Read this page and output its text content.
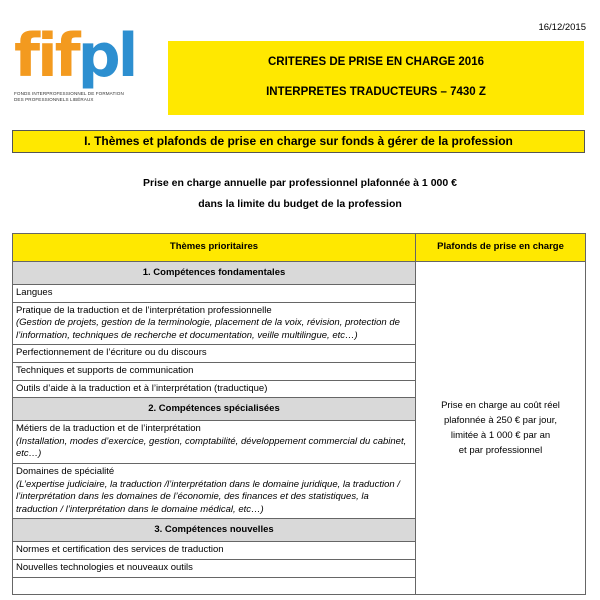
16/12/2015
fifpl
FONDS INTERPROFESSIONNEL DE FORMATION
DES PROFESSIONNELS LIBÉRAUX
CRITERES DE PRISE EN CHARGE 2016
INTERPRETES TRADUCTEURS – 7430 Z
I. Thèmes et plafonds de prise en charge sur fonds à gérer de la profession
Prise en charge annuelle par professionnel plafonnée à 1 000 €
dans la limite du budget de la profession
Thèmes prioritaires	Plafonds de prise en charge
1. Compétences fondamentales	Prise en charge au coût réel
plafonnée à 250 € par jour,
limitée à 1 000 € par an
et par professionnel

Langues	

Pratique de la traduction et de l’interprétation professionnelle
(Gestion de projets, gestion de la terminologie, placement de la voix, révision, protection de l’information, techniques de recherche et documentation, veille multilingue, etc…)	

Perfectionnement de l’écriture ou du discours	
Techniques et supports de communication	
Outils d’aide à la traduction et à l’interprétation (traductique)	
2. Compétences spécialisées	

Métiers de la traduction et de l’interprétation
(Installation, modes d’exercice, gestion, comptabilité, développement commercial du cabinet, etc…)	

Domaines de spécialité
(L’expertise judiciaire, la traduction /l’interprétation dans le domaine juridique, la traduction / l’interprétation dans les domaines de l’économie, des finances et des statistiques, la traduction / l’interprétation dans le domaine médical, etc…)	

3. Compétences nouvelles	
Normes et certification des services de traduction	
Nouvelles technologies et nouveaux outils	
